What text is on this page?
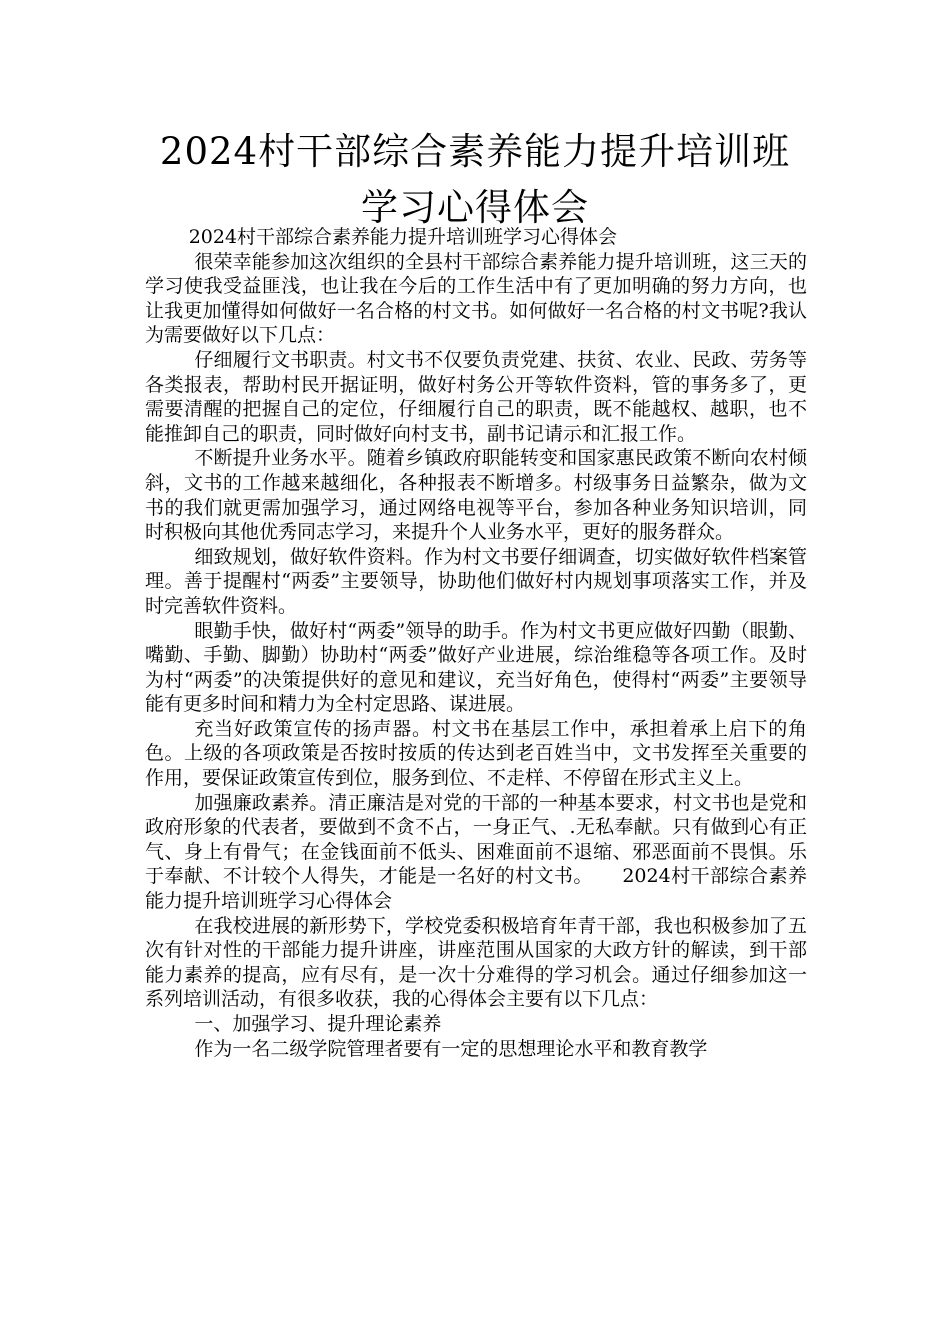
2024村干部综合素养能力提升培训班学习心得体会

2024村干部综合素养能力提升培训班学习心得体会

很荣幸能参加这次组织的全县村干部综合素养能力提升培训班，这三天的学习使我受益匪浅，也让我在今后的工作生活中有了更加明确的努力方向，也让我更加懂得如何做好一名合格的村文书。如何做好一名合格的村文书呢?我认为需要做好以下几点：

仔细履行文书职责。村文书不仅要负责党建、扶贫、农业、民政、劳务等各类报表，帮助村民开据证明，做好村务公开等软件资料，管的事务多了，更需要清醒的把握自己的定位，仔细履行自己的职责，既不能越权、越职，也不能推卸自己的职责，同时做好向村支书，副书记请示和汇报工作。

不断提升业务水平。随着乡镇政府职能转变和国家惠民政策不断向农村倾斜，文书的工作越来越细化，各种报表不断增多。村级事务日益繁杂，做为文书的我们就更需加强学习，通过网络电视等平台，参加各种业务知识培训，同时积极向其他优秀同志学习，来提升个人业务水平，更好的服务群众。

细致规划，做好软件资料。作为村文书要仔细调查，切实做好软件档案管理。善于提醒村“两委”主要领导，协助他们做好村内规划事项落实工作，并及时完善软件资料。

眼勤手快，做好村“两委”领导的助手。作为村文书更应做好四勤（眼勤、嘴勤、手勤、脚勤）协助村“两委”做好产业进展，综治维稳等各项工作。及时为村“两委”的决策提供好的意见和建议，充当好角色，使得村“两委”主要领导能有更多时间和精力为全村定思路、谋进展。

充当好政策宣传的扬声器。村文书在基层工作中，承担着承上启下的角色。上级的各项政策是否按时按质的传达到老百姓当中，文书发挥至关重要的作用，要保证政策宣传到位，服务到位、不走样、不停留在形式主义上。

加强廉政素养。清正廉洁是对党的干部的一种基本要求，村文书也是党和政府形象的代表者，要做到不贪不占，一身正气、.无私奉献。只有做到心有正气、身上有骨气；在金钱面前不低头、困难面前不退缩、邪恶面前不畏惧。乐于奉献、不计较个人得失，才能是一名好的村文书。　　2024村干部综合素养能力提升培训班学习心得体会

在我校进展的新形势下，学校党委积极培育年青干部，我也积极参加了五次有针对性的干部能力提升讲座，讲座范围从国家的大政方针的解读，到干部能力素养的提高，应有尽有，是一次十分难得的学习机会。通过仔细参加这一系列培训活动，有很多收获，我的心得体会主要有以下几点：

一、加强学习、提升理论素养

作为一名二级学院管理者要有一定的思想理论水平和教育教学
